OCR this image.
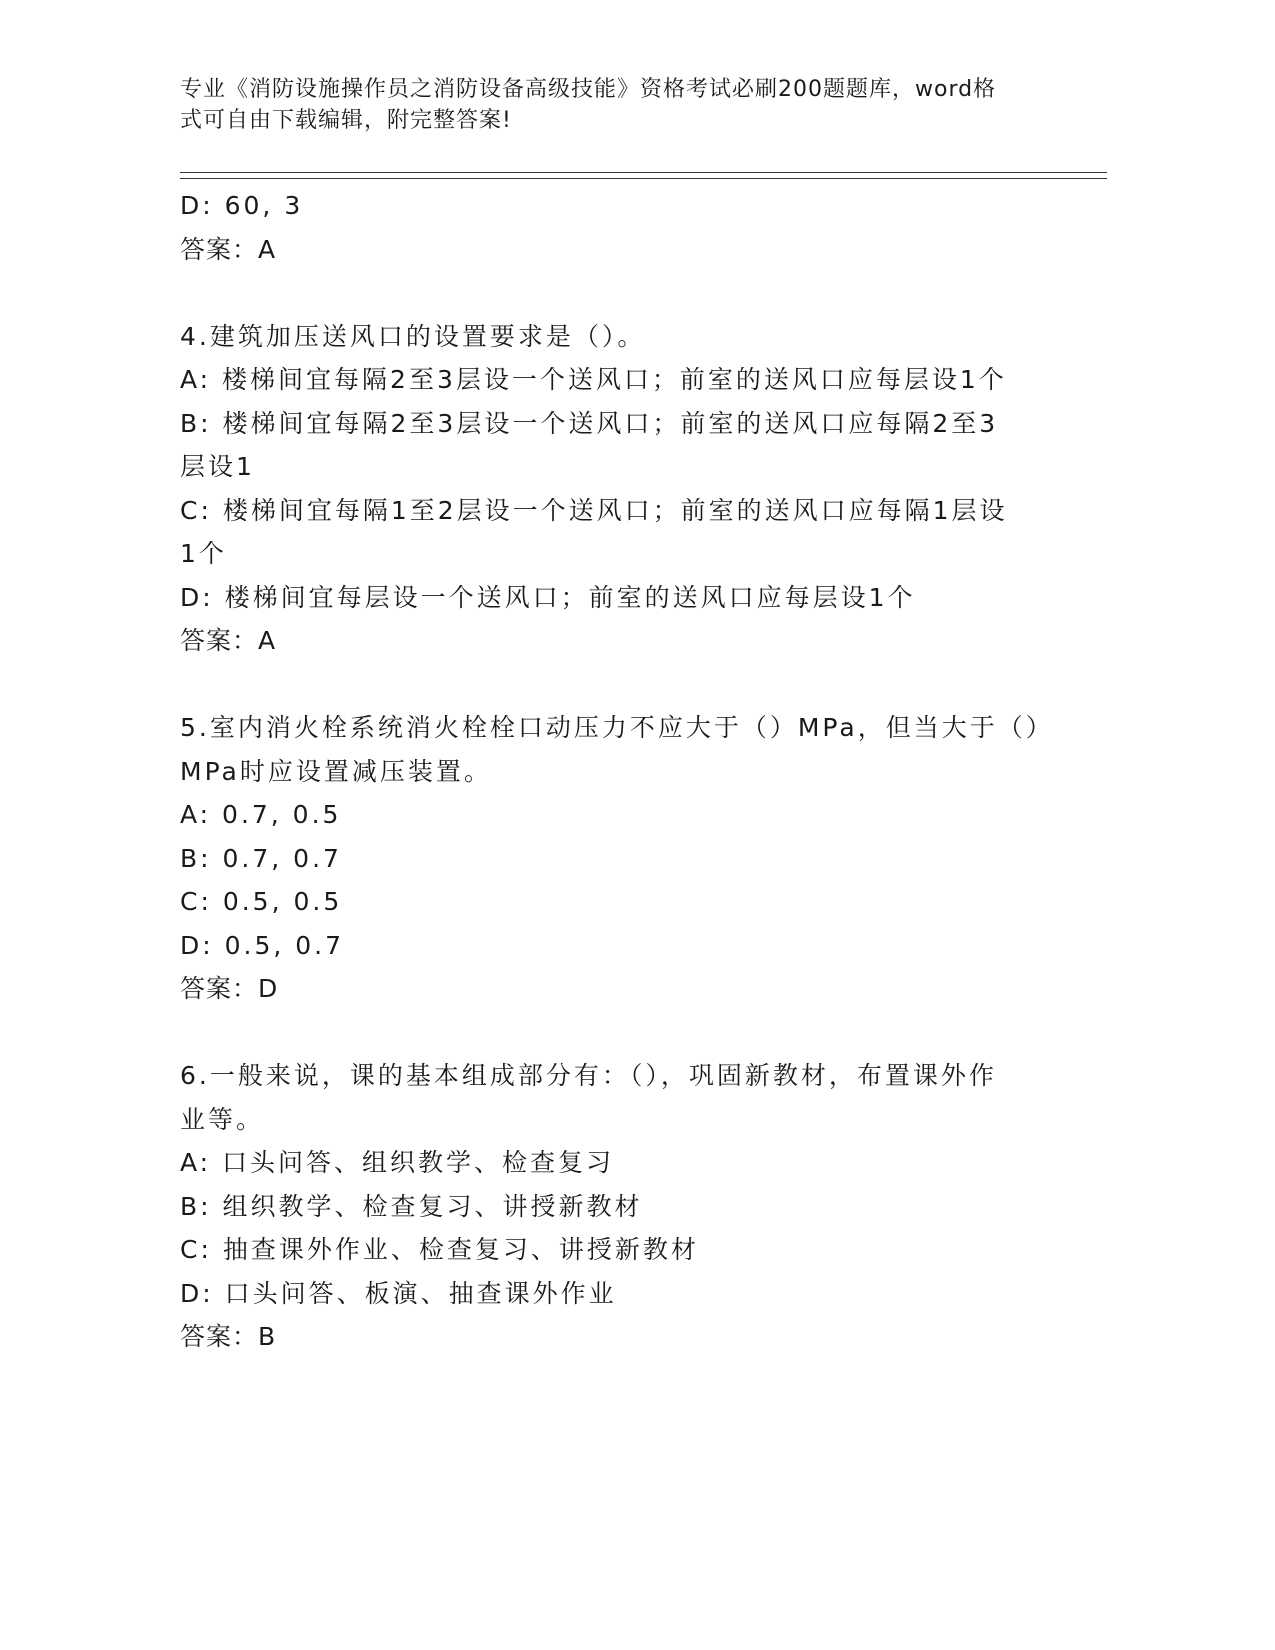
专业《消防设施操作员之消防设备高级技能》资格考试必刷200题题库，word格
式可自由下载编辑，附完整答案!

D: 60, 3

答案：A

4.建筑加压送风口的设置要求是（）。

A: 楼梯间宜每隔2至3层设一个送风口；前室的送风口应每层设1个

B: 楼梯间宜每隔2至3层设一个送风口；前室的送风口应每隔2至3

层设1

C: 楼梯间宜每隔1至2层设一个送风口；前室的送风口应每隔1层设

1个

D: 楼梯间宜每层设一个送风口；前室的送风口应每层设1个

答案：A

5.室内消火栓系统消火栓栓口动压力不应大于（）MPa，但当大于（）

MPa时应设置减压装置。

A: 0.7, 0.5

B: 0.7, 0.7

C: 0.5, 0.5

D: 0.5, 0.7

答案：D

6.一般来说，课的基本组成部分有：（），巩固新教材，布置课外作

业等。

A: 口头问答、组织教学、检查复习

B: 组织教学、检查复习、讲授新教材

C: 抽查课外作业、检查复习、讲授新教材

D: 口头问答、板演、抽查课外作业

答案：B
